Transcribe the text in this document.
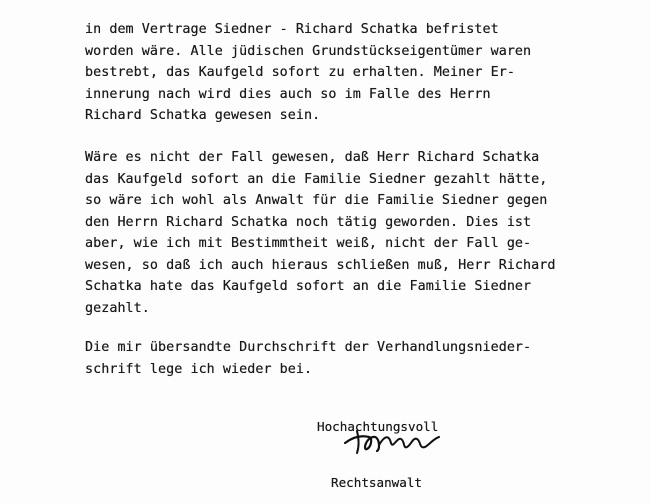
in dem Vertrage Siedner - Richard Schatka befristet
worden wäre. Alle jüdischen Grundstückseigentümer waren
bestrebt, das Kaufgeld sofort zu erhalten. Meiner Er-
innerung nach wird dies auch so im Falle des Herrn
Richard Schatka gewesen sein.
Wäre es nicht der Fall gewesen, daß Herr Richard Schatka
das Kaufgeld sofort an die Familie Siedner gezahlt hätte,
so wäre ich wohl als Anwalt für die Familie Siedner gegen
den Herrn Richard Schatka noch tätig geworden. Dies ist
aber, wie ich mit Bestimmtheit weiß, nicht der Fall ge-
wesen, so daß ich auch hieraus schließen muß, Herr Richard
Schatka hate das Kaufgeld sofort an die Familie Siedner
gezahlt.
Die mir übersandte Durchschrift der Verhandlungsnieder-
schrift lege ich wieder bei.
Hochachtungsvoll
Rechtsanwalt
